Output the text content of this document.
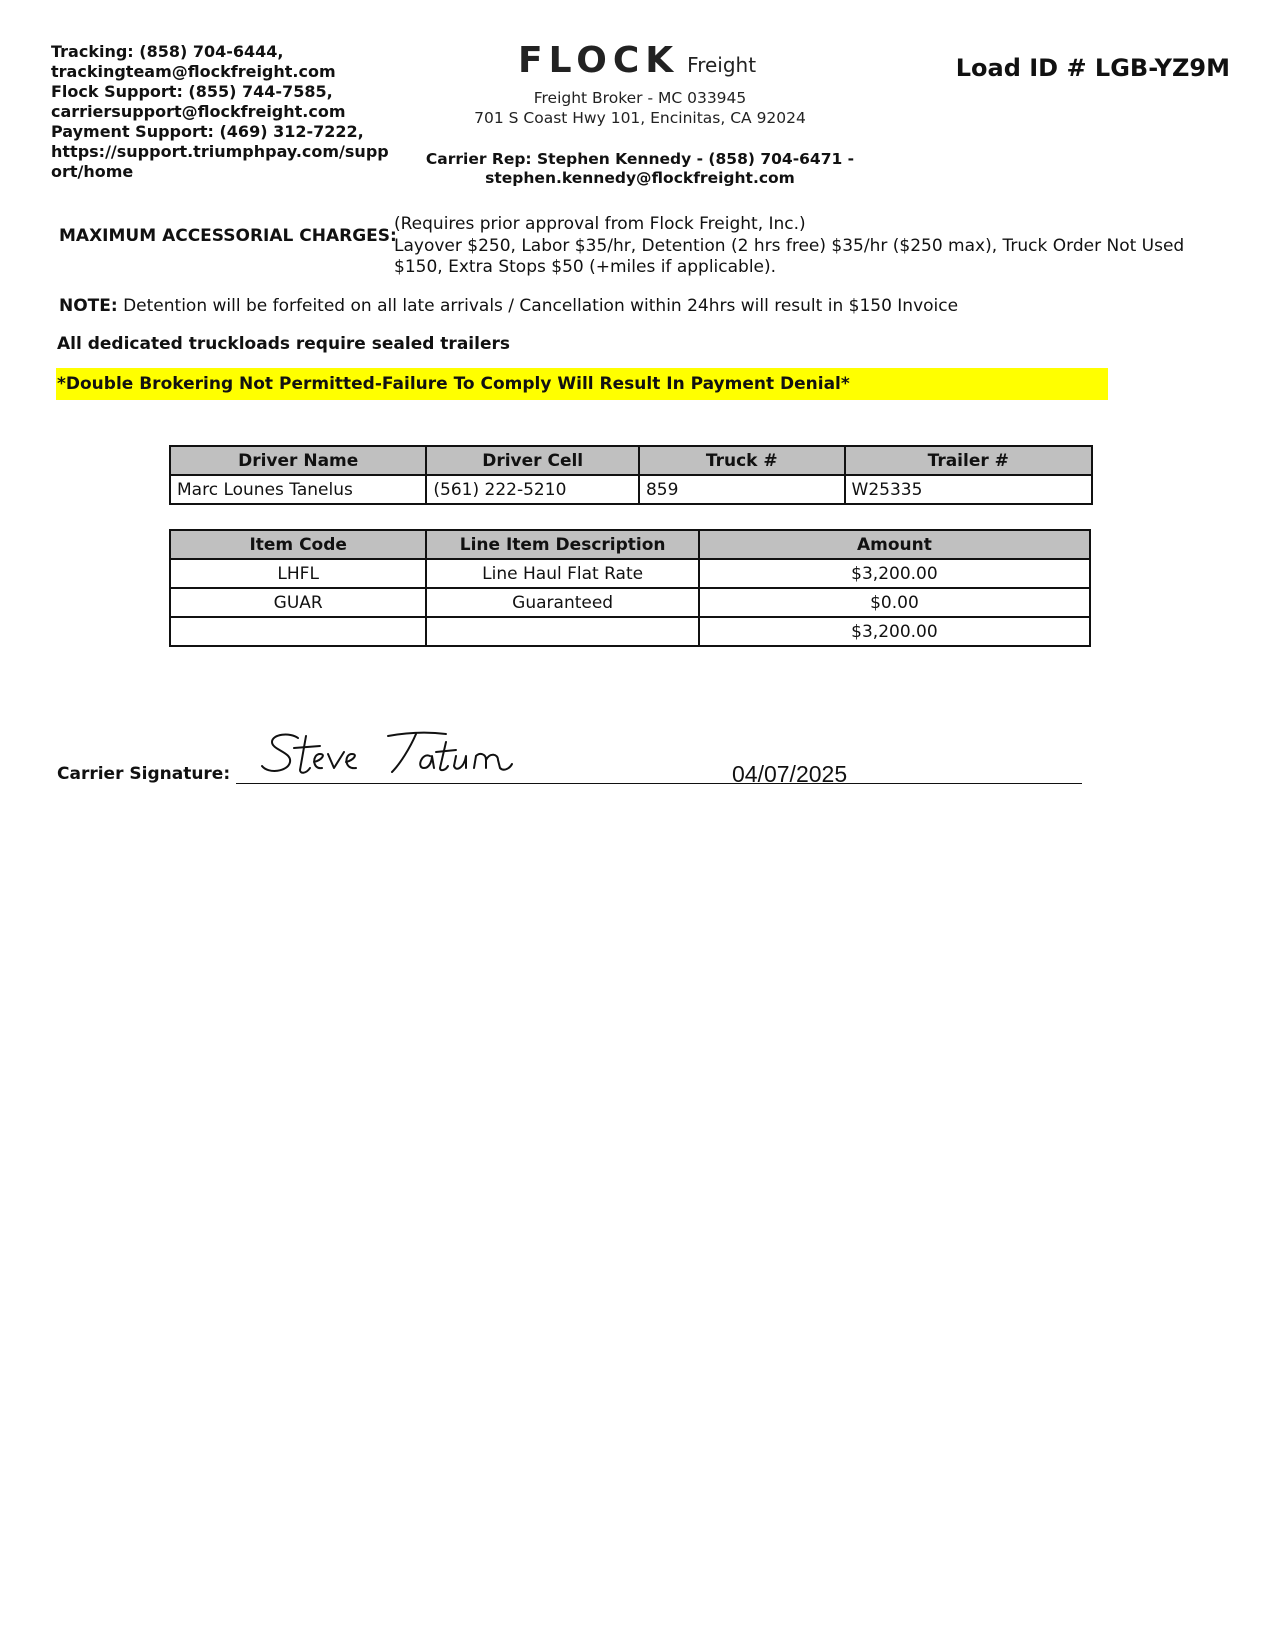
Tracking: (858) 704-6444,
trackingteam@flockfreight.com
Flock Support: (855) 744-7585,
carriersupport@flockfreight.com
Payment Support: (469) 312-7222,
https://support.triumphpay.com/support/home
FLOCK Freight
Freight Broker - MC 033945
701 S Coast Hwy 101, Encinitas, CA 92024
Carrier Rep: Stephen Kennedy - (858) 704-6471 - stephen.kennedy@flockfreight.com
Load ID # LGB-YZ9M
MAXIMUM ACCESSORIAL CHARGES:
(Requires prior approval from Flock Freight, Inc.)
Layover $250, Labor $35/hr, Detention (2 hrs free) $35/hr ($250 max), Truck Order Not Used $150, Extra Stops $50 (+miles if applicable).
NOTE: Detention will be forfeited on all late arrivals / Cancellation within 24hrs will result in $150 Invoice
All dedicated truckloads require sealed trailers
*Double Brokering Not Permitted-Failure To Comply Will Result In Payment Denial*
Driver Name	Driver Cell	Truck #	Trailer #
Marc Lounes Tanelus	(561) 222-5210	859	W25335
Item Code	Line Item Description	Amount
LHFL	Line Haul Flat Rate	$3,200.00
GUAR	Guaranteed	$0.00
		$3,200.00
Carrier Signature:	04/07/2025
